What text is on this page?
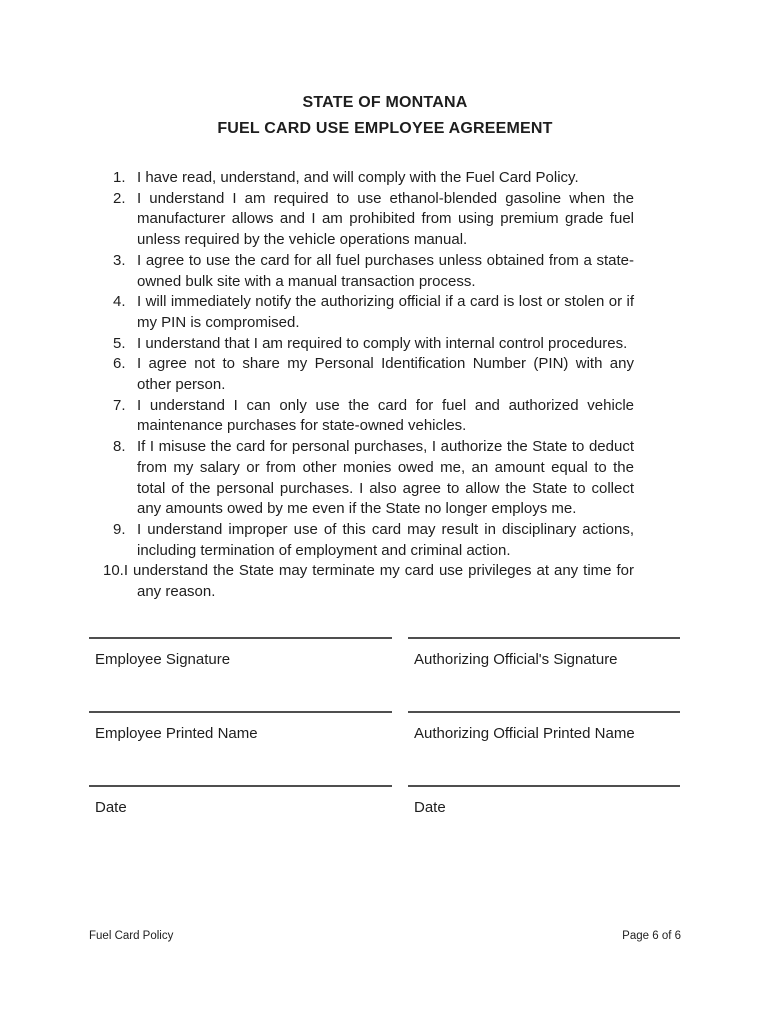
STATE OF MONTANA
FUEL CARD USE EMPLOYEE AGREEMENT
1. I have read, understand, and will comply with the Fuel Card Policy.
2. I understand I am required to use ethanol-blended gasoline when the manufacturer allows and I am prohibited from using premium grade fuel unless required by the vehicle operations manual.
3. I agree to use the card for all fuel purchases unless obtained from a state-owned bulk site with a manual transaction process.
4. I will immediately notify the authorizing official if a card is lost or stolen or if my PIN is compromised.
5. I understand that I am required to comply with internal control procedures.
6. I agree not to share my Personal Identification Number (PIN) with any other person.
7. I understand I can only use the card for fuel and authorized vehicle maintenance purchases for state-owned vehicles.
8. If I misuse the card for personal purchases, I authorize the State to deduct from my salary or from other monies owed me, an amount equal to the total of the personal purchases. I also agree to allow the State to collect any amounts owed by me even if the State no longer employs me.
9. I understand improper use of this card may result in disciplinary actions, including termination of employment and criminal action.
10.I understand the State may terminate my card use privileges at any time for any reason.
Employee Signature	Authorizing Official's Signature
Employee Printed Name	Authorizing Official Printed Name
Date	Date
Fuel Card Policy	Page 6 of 6
